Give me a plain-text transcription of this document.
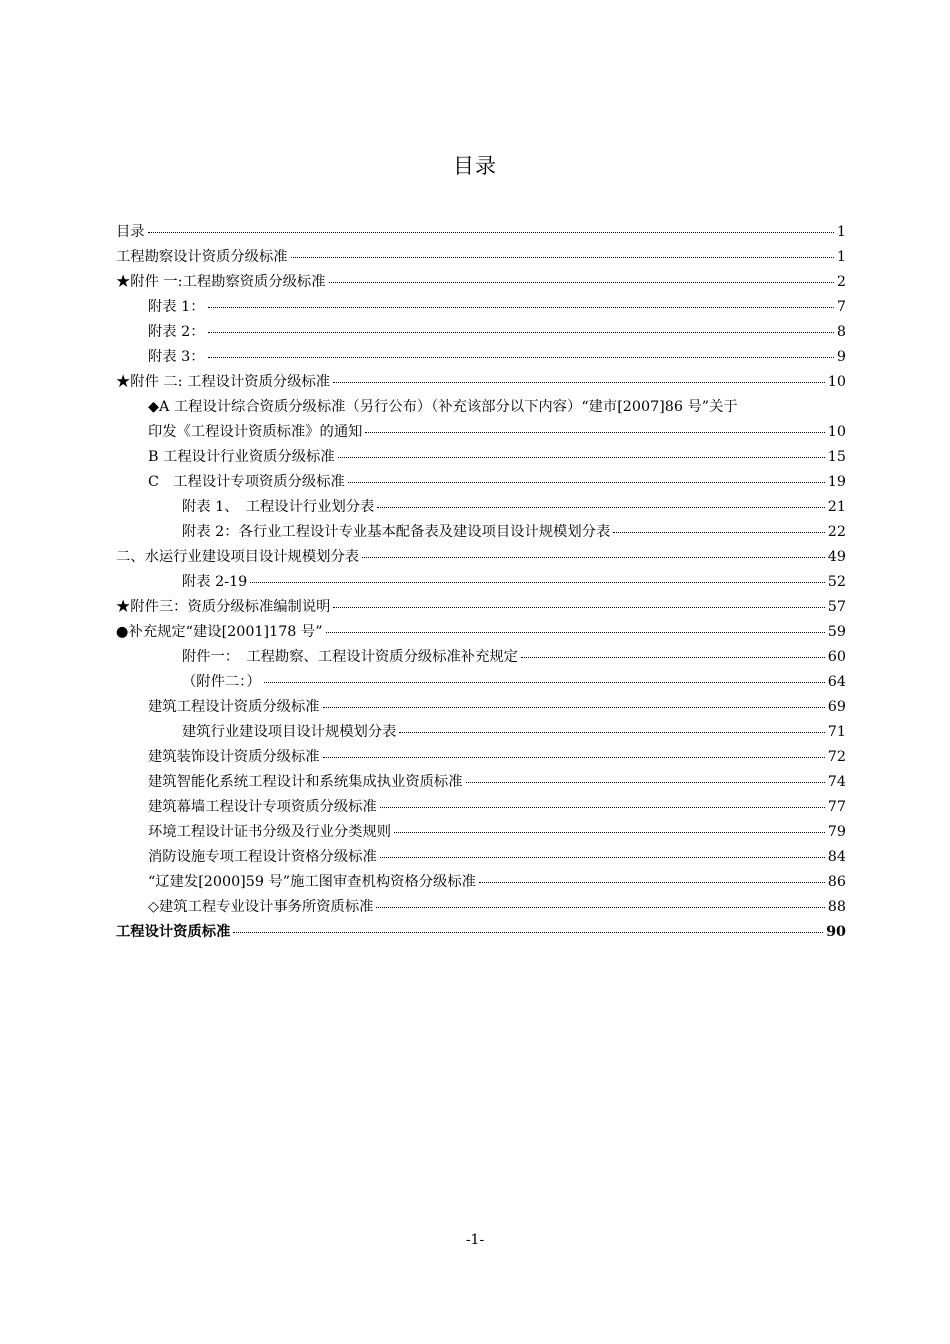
目录
目录	1
工程勘察设计资质分级标准	1
★附件 一:工程勘察资质分级标准	2
附表 1：	7
附表 2：	8
附表 3：	9
★附件 二: 工程设计资质分级标准	10
◆A 工程设计综合资质分级标准（另行公布）（补充该部分以下内容）“建市[2007]86 号”关于
印发《工程设计资质标准》的通知	10
B 工程设计行业资质分级标准	15
C　工程设计专项资质分级标准	19
附表 1、　工程设计行业划分表	21
附表 2：各行业工程设计专业基本配备表及建设项目设计规模划分表	22
二、水运行业建设项目设计规模划分表	49
附表 2-19	52
★附件三：资质分级标准编制说明	57
●补充规定“建设[2001]178 号”	59
附件一：　工程勘察、工程设计资质分级标准补充规定	60
（附件二：）	64
建筑工程设计资质分级标准	69
建筑行业建设项目设计规模划分表	71
建筑装饰设计资质分级标准	72
建筑智能化系统工程设计和系统集成执业资质标准	74
建筑幕墙工程设计专项资质分级标准	77
环境工程设计证书分级及行业分类规则	79
消防设施专项工程设计资格分级标准	84
“辽建发[2000]59 号”施工图审查机构资格分级标准	86
◇建筑工程专业设计事务所资质标准	88
工程设计资质标准	90
-1-
